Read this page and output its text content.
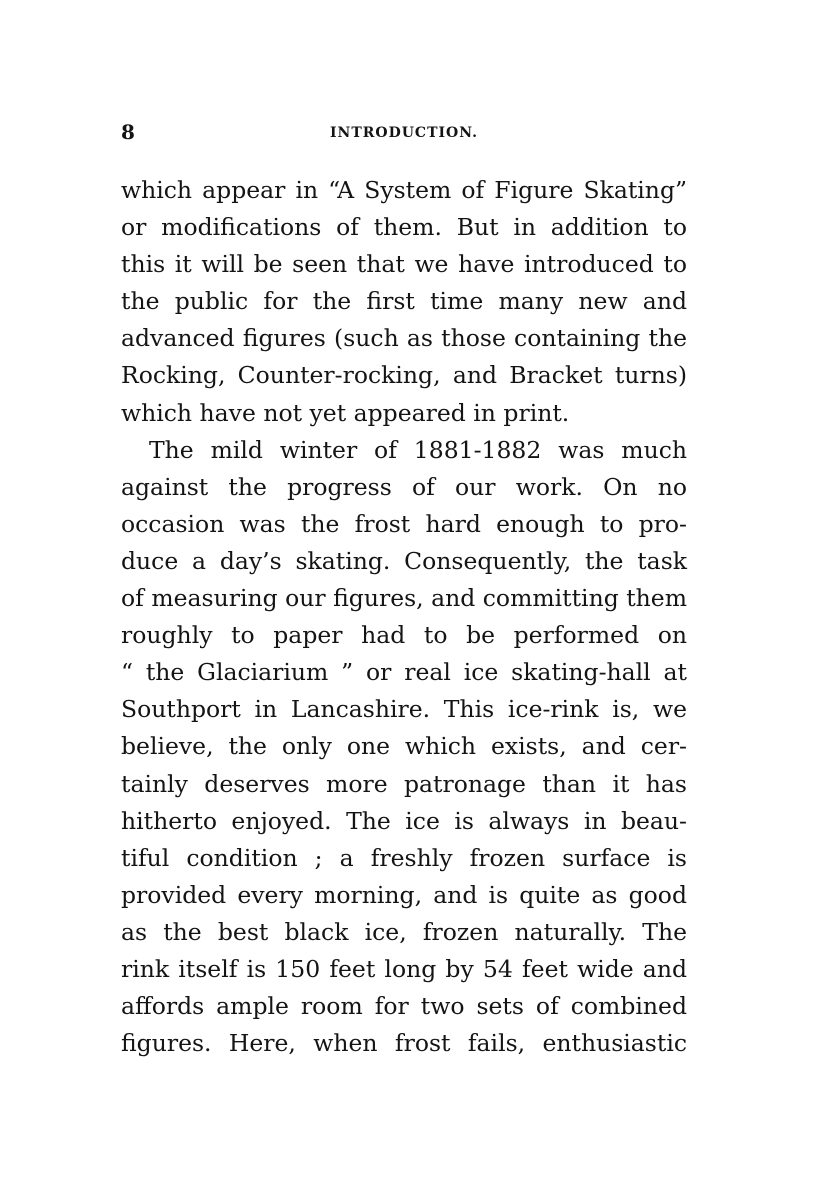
8	INTRODUCTION.
which appear in “A System of Figure Skating”
or modifications of them. But in addition to
this it will be seen that we have introduced to
the public for the first time many new and
advanced figures (such as those containing the
Rocking, Counter-rocking, and Bracket turns)
which have not yet appeared in print.
The mild winter of 1881-1882 was much
against the progress of our work. On no
occasion was the frost hard enough to pro-
duce a day’s skating. Consequently, the task
of measuring our figures, and committing them
roughly to paper had to be performed on
“ the Glaciarium ” or real ice skating-hall at
Southport in Lancashire. This ice-rink is, we
believe, the only one which exists, and cer-
tainly deserves more patronage than it has
hitherto enjoyed. The ice is always in beau-
tiful condition ; a freshly frozen surface is
provided every morning, and is quite as good
as the best black ice, frozen naturally. The
rink itself is 150 feet long by 54 feet wide and
affords ample room for two sets of combined
figures. Here, when frost fails, enthusiastic
